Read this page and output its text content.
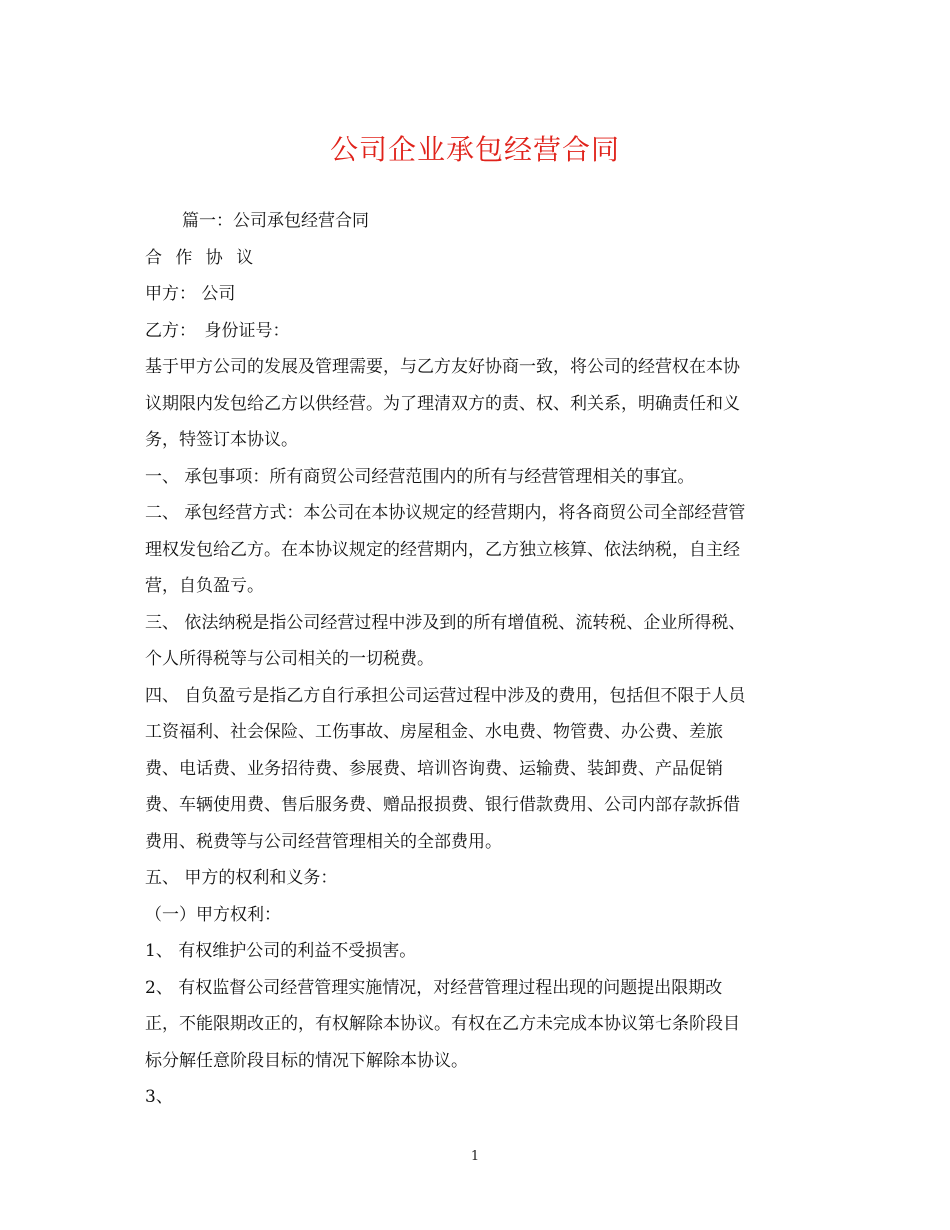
公司企业承包经营合同
篇一：公司承包经营合同
合 作 协 议
甲方： 公司
乙方：　身份证号：
基于甲方公司的发展及管理需要，与乙方友好协商一致，将公司的经营权在本协
议期限内发包给乙方以供经营。为了理清双方的责、权、利关系，明确责任和义
务，特签订本协议。
一、 承包事项：所有商贸公司经营范围内的所有与经营管理相关的事宜。
二、 承包经营方式：本公司在本协议规定的经营期内，将各商贸公司全部经营管
理权发包给乙方。在本协议规定的经营期内，乙方独立核算、依法纳税，自主经
营，自负盈亏。
三、 依法纳税是指公司经营过程中涉及到的所有增值税、流转税、企业所得税、
个人所得税等与公司相关的一切税费。
四、 自负盈亏是指乙方自行承担公司运营过程中涉及的费用，包括但不限于人员
工资福利、社会保险、工伤事故、房屋租金、水电费、物管费、办公费、差旅
费、电话费、业务招待费、参展费、培训咨询费、运输费、装卸费、产品促销
费、车辆使用费、售后服务费、赠品报损费、银行借款费用、公司内部存款拆借
费用、税费等与公司经营管理相关的全部费用。
五、 甲方的权利和义务：
（一）甲方权利：
1、 有权维护公司的利益不受损害。
2、 有权监督公司经营管理实施情况，对经营管理过程出现的问题提出限期改
正，不能限期改正的，有权解除本协议。有权在乙方未完成本协议第七条阶段目
标分解任意阶段目标的情况下解除本协议。
3、
1
